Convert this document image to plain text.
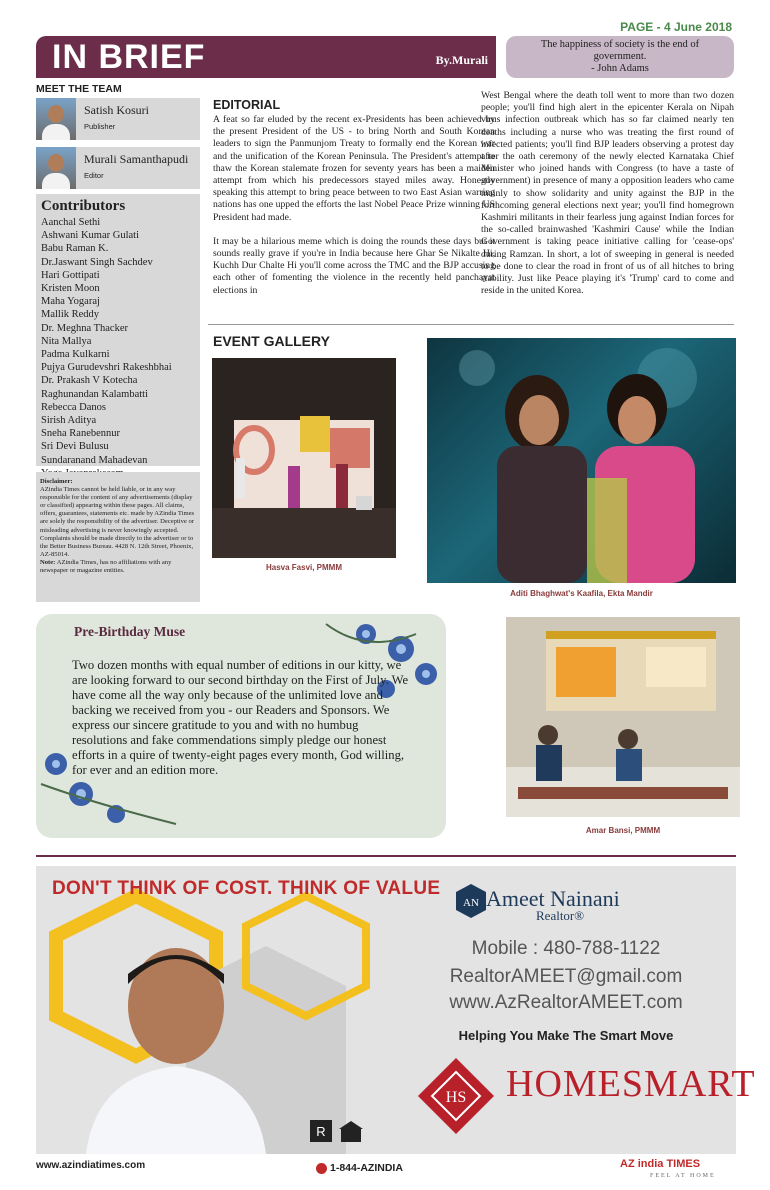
PAGE - 4 June 2018
IN BRIEF	By.Murali
The happiness of society is the end of
government.
- John Adams
MEET THE TEAM
Satish Kosuri
Publisher
Murali Samanthapudi
Editor
Contributors
Aanchal Sethi
Ashwani Kumar Gulati
Babu Raman K.
Dr.Jaswant Singh Sachdev
Hari Gottipati
Kristen Moon
Maha Yogaraj
Mallik Reddy
Dr. Meghna Thacker
Nita Mallya
Padma Kulkarni
Pujya Gurudevshri Rakeshbhai
Dr. Prakash V Kotecha
Raghunandan Kalambatti
Rebecca Danos
Sirish Aditya
Sneha Ranebennur
Sri Devi Bulusu
Sundaranand Mahadevan
Disclaimer:
AZindia Times cannot be held liable, or in any way responsible for the content of any advertisements (display or classified) appearing within these pages. All claims, offers, guarantees, statements etc. made by AZindia Times are solely the responsibility of the advertiser. Deceptive or misleading advertising is never knowingly accepted. Complaints should be made directly to the advertiser or to the Better Business Bureau. 4428 N. 12th Street, Phoenix, AZ-85014.
Note: AZindia Times, has no affiliations with any newspaper or magazine entities.
EDITORIAL

A feat so far eluded by the recent ex-Presidents has been achieved by the present President of the US - to bring North and South Korean leaders to sign the Panmunjom Treaty to formally end the Korean war and the unification of the Korean Peninsula. The President's attempt to thaw the Korean stalemate frozen for seventy years has been a maiden attempt from which his predecessors stayed miles away. Honestly speaking this attempt to bring peace between to two East Asian warring nations has one upped the efforts the last Nobel Peace Prize winning US President had made.

It may be a hilarious meme which is doing the rounds these days but it sounds really grave if you're in India because here Ghar Se Nikalte Hi, Kuchh Dur Chalte Hi you'll come across the TMC and the BJP accusing each other of fomenting the violence in the recently held panchayat elections in

West Bengal where the death toll went to more than two dozen people; you'll find high alert in the epicenter Kerala on Nipah virus infection outbreak which has so far claimed nearly ten deaths including a nurse who was treating the first round of infected patients; you'll find BJP leaders observing a protest day after the oath ceremony of the newly elected Karnataka Chief Minister who joined hands with Congress (to have a taste of government) in presence of many a opposition leaders who came mainly to show solidarity and unity against the BJP in the forthcoming general elections next year; you'll find homegrown Kashmiri militants in their fearless jung against Indian forces for the so-called brainwashed 'Kashmiri Cause' while the Indian Government is taking peace initiative calling for 'cease-ops' during Ramzan. In short, a lot of sweeping in general is needed to be done to clear the road in front of us of all hitches to bring stability. Just like Peace playing it's 'Trump' card to come and reside in the united Korea.

EVENT GALLERY
Hasva Fasvi, PMMM
Aditi Bhaghwat's Kaafila, Ekta Mandir
Pre-Birthday Muse
Two dozen months with equal number of editions in our kitty, we are looking forward to our second birthday on the First of July. We have come all the way only because of the unlimited love and backing we received from you - our Readers and Sponsors. We express our sincere gratitude to you and with no humbug resolutions and fake commendations simply pledge our honest efforts in a quire of twenty-eight pages every month, God willing, for ever and an edition more.
Amar Bansi, PMMM
DON'T THINK OF COST. THINK OF VALUE
AN Ameet Nainani
Realtor®
Mobile : 480-788-1122
RealtorAMEET@gmail.com
www.AzRealtorAMEET.com
Helping You Make The Smart Move
HS HOMESMART
R
www.azindiatimes.com	1-844-AZINDIA	AZ india TIMES
FEEL AT HOME
